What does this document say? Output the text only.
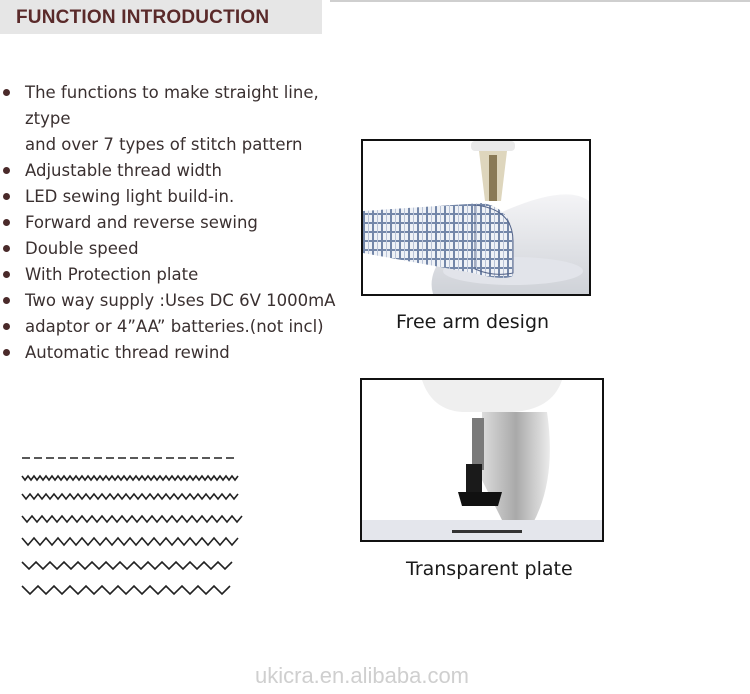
FUNCTION INTRODUCTION
The functions to make straight line, ztype
and over 7 types of stitch pattern
Adjustable thread width
LED sewing light build-in.
Forward and reverse sewing
Double speed
With Protection plate
Two way supply :Uses DC 6V 1000mA
adaptor or 4”AA” batteries.(not incl)
Automatic thread rewind
Free arm design
Transparent plate
ukicra.en.alibaba.com
